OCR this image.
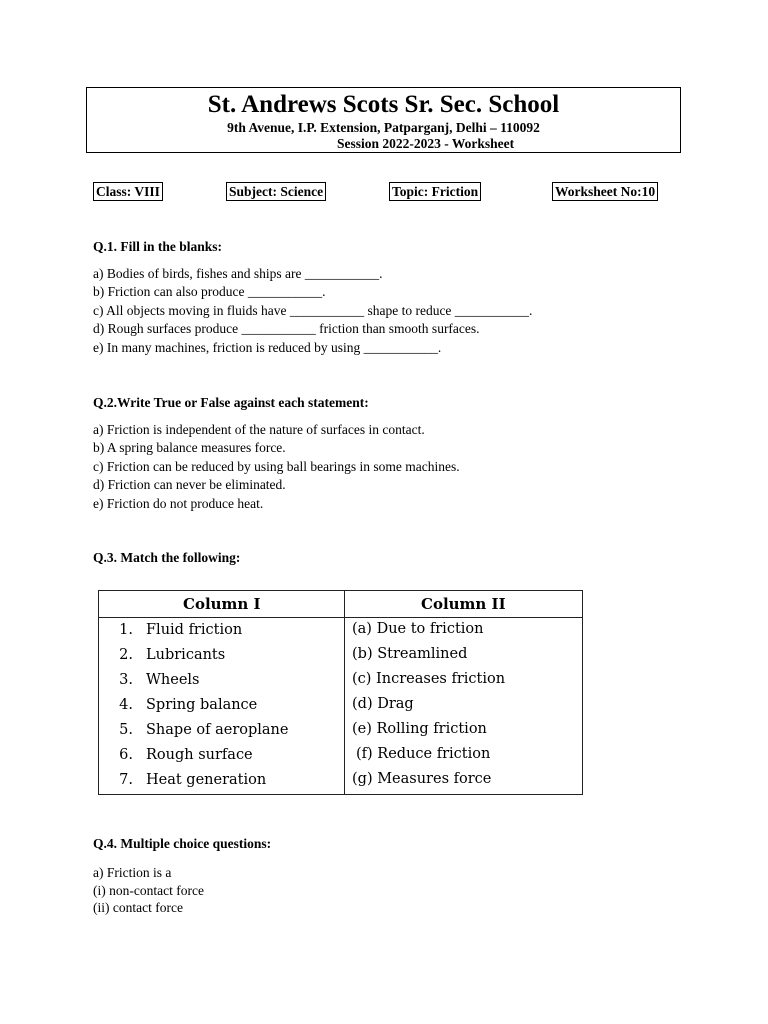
St. Andrews Scots Sr. Sec. School
9th Avenue, I.P. Extension, Patparganj, Delhi – 110092
Session 2022-2023 - Worksheet
Class: VIII	Subject: Science	Topic: Friction	Worksheet No:10
Q.1. Fill in the blanks:
a) Bodies of birds, fishes and ships are ___________.
b) Friction can also produce ___________.
c) All objects moving in fluids have ___________ shape to reduce ___________.
d) Rough surfaces produce ___________ friction than smooth surfaces.
e) In many machines, friction is reduced by using ___________.
Q.2.Write True or False against each statement:
a) Friction is independent of the nature of surfaces in contact.
b) A spring balance measures force.
c) Friction can be reduced by using ball bearings in some machines.
d) Friction can never be eliminated.
e) Friction do not produce heat.
Q.3. Match the following:
Column I	Column II
1. Fluid friction	(a) Due to friction
2. Lubricants	(b) Streamlined
3. Wheels	(c) Increases friction
4. Spring balance	(d) Drag
5. Shape of aeroplane	(e) Rolling friction
6. Rough surface	(f) Reduce friction
7. Heat generation	(g) Measures force
Q.4. Multiple choice questions:
a) Friction is a
(i) non-contact force
(ii) contact force
